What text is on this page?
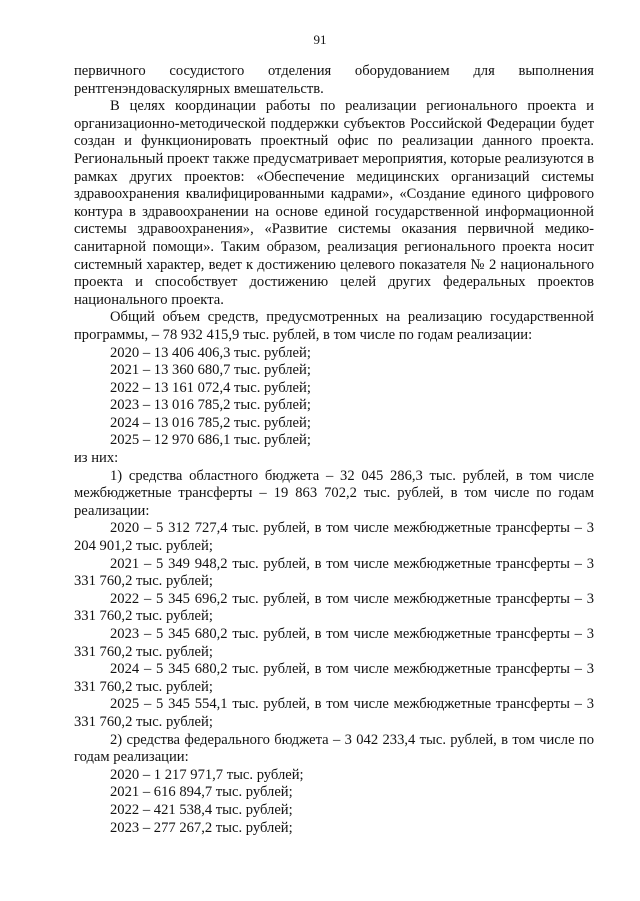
91

первичного сосудистого отделения оборудованием для выполнения рентгенэндоваскулярных вмешательств.

В целях координации работы по реализации регионального проекта и организационно-методической поддержки субъектов Российской Федерации будет создан и функционировать проектный офис по реализации данного проекта. Региональный проект также предусматривает мероприятия, которые реализуются в рамках других проектов: «Обеспечение медицинских организаций системы здравоохранения квалифицированными кадрами», «Создание единого цифрового контура в здравоохранении на основе единой государственной информационной системы здравоохранения», «Развитие системы оказания первичной медико-санитарной помощи». Таким образом, реализация регионального проекта носит системный характер, ведет к достижению целевого показателя № 2 национального проекта и способствует достижению целей других федеральных проектов национального проекта.

Общий объем средств, предусмотренных на реализацию государственной программы, – 78 932 415,9 тыс. рублей, в том числе по годам реализации:

2020 – 13 406 406,3 тыс. рублей;

2021 – 13 360 680,7 тыс. рублей;

2022 – 13 161 072,4 тыс. рублей;

2023 – 13 016 785,2 тыс. рублей;

2024 – 13 016 785,2 тыс. рублей;

2025 – 12 970 686,1 тыс. рублей;

из них:

1) средства областного бюджета – 32 045 286,3 тыс. рублей, в том числе межбюджетные трансферты – 19 863 702,2 тыс. рублей, в том числе по годам реализации:

2020 – 5 312 727,4 тыс. рублей, в том числе межбюджетные трансферты – 3 204 901,2 тыс. рублей;

2021 – 5 349 948,2 тыс. рублей, в том числе межбюджетные трансферты – 3 331 760,2 тыс. рублей;

2022 – 5 345 696,2 тыс. рублей, в том числе межбюджетные трансферты – 3 331 760,2 тыс. рублей;

2023 – 5 345 680,2 тыс. рублей, в том числе межбюджетные трансферты – 3 331 760,2 тыс. рублей;

2024 – 5 345 680,2 тыс. рублей, в том числе межбюджетные трансферты – 3 331 760,2 тыс. рублей;

2025 – 5 345 554,1 тыс. рублей, в том числе межбюджетные трансферты – 3 331 760,2 тыс. рублей;

2) средства федерального бюджета – 3 042 233,4 тыс. рублей, в том числе по годам реализации:

2020 – 1 217 971,7 тыс. рублей;

2021 – 616 894,7 тыс. рублей;

2022 – 421 538,4 тыс. рублей;

2023 – 277 267,2 тыс. рублей;
